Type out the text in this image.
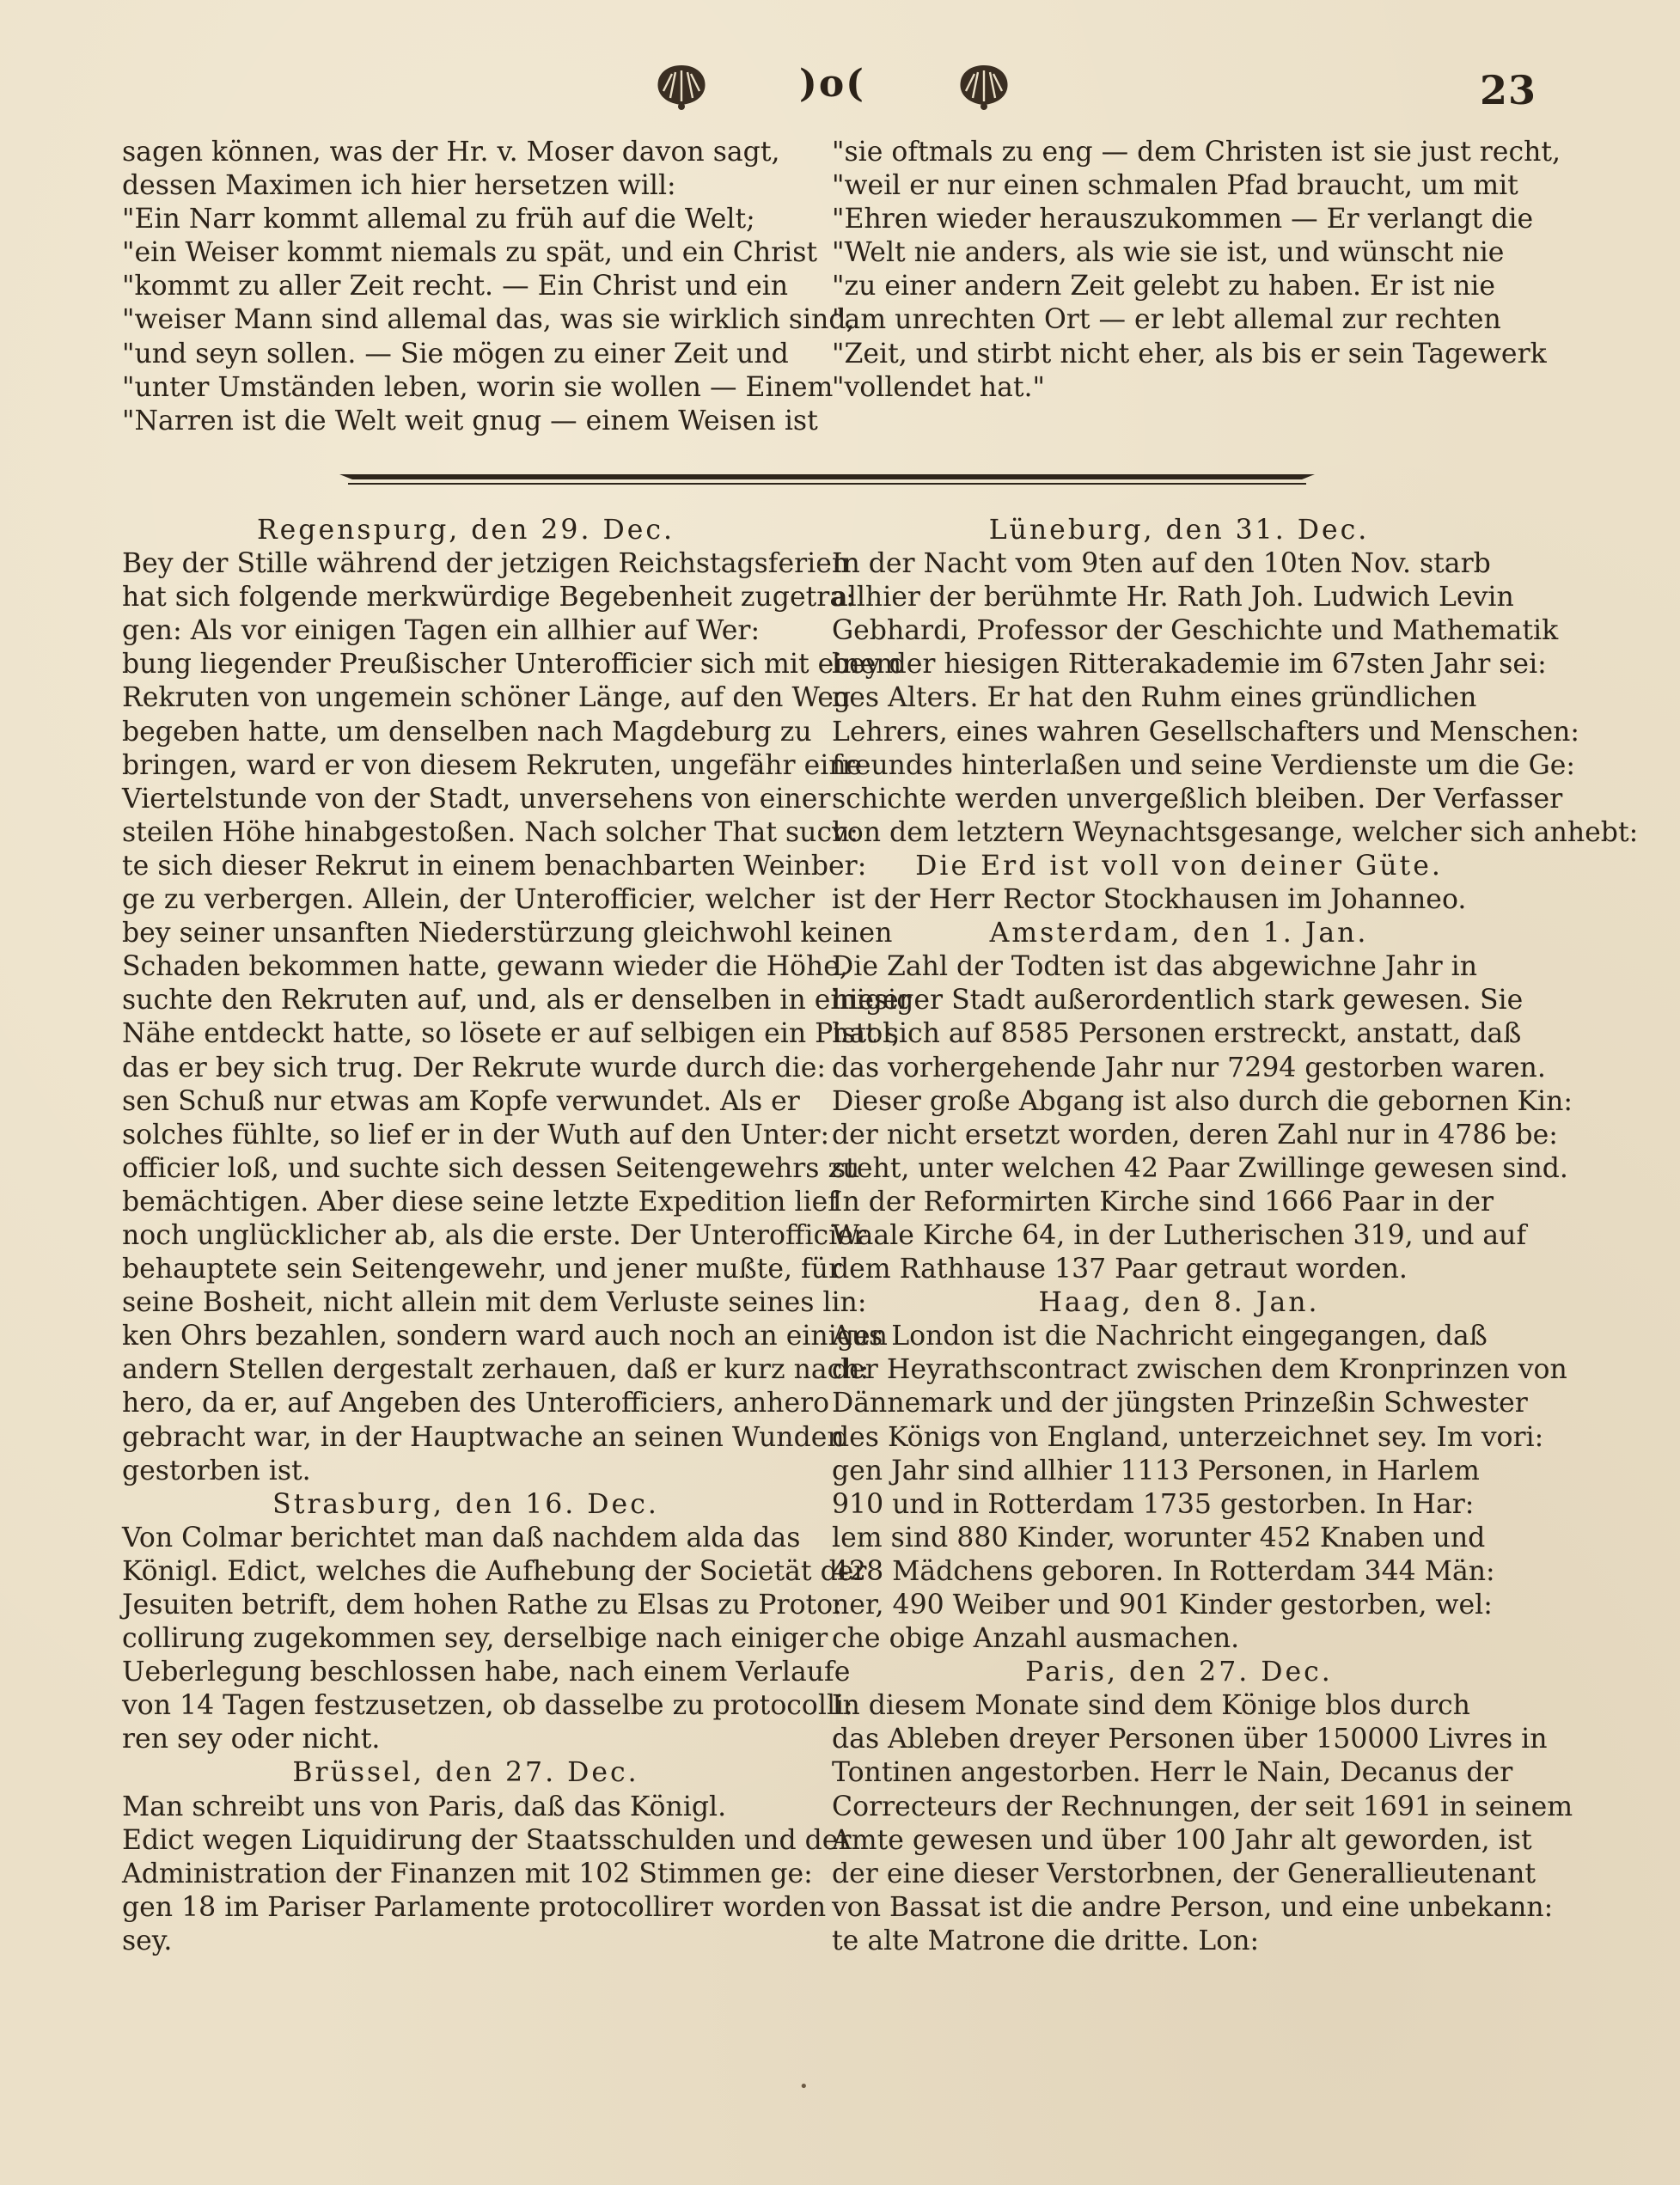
)o(	23
sagen können, was der Hr. v. Moser davon sagt,
dessen Maximen ich hier hersetzen will:
"Ein Narr kommt allemal zu früh auf die Welt;
"ein Weiser kommt niemals zu spät, und ein Christ
"kommt zu aller Zeit recht. — Ein Christ und ein
"weiser Mann sind allemal das, was sie wirklich sind,
"und seyn sollen. — Sie mögen zu einer Zeit und
"unter Umständen leben, worin sie wollen — Einem
"Narren ist die Welt weit gnug — einem Weisen ist
"sie oftmals zu eng — dem Christen ist sie just recht,
"weil er nur einen schmalen Pfad braucht, um mit
"Ehren wieder herauszukommen — Er verlangt die
"Welt nie anders, als wie sie ist, und wünscht nie
"zu einer andern Zeit gelebt zu haben. Er ist nie
"am unrechten Ort — er lebt allemal zur rechten
"Zeit, und stirbt nicht eher, als bis er sein Tagewerk
"vollendet hat."
Regenspurg, den 29. Dec.
Bey der Stille während der jetzigen Reichstagsferien
hat sich folgende merkwürdige Begebenheit zugetra:
gen: Als vor einigen Tagen ein allhier auf Wer:
bung liegender Preußischer Unterofficier sich mit einem
Rekruten von ungemein schöner Länge, auf den Weg
begeben hatte, um denselben nach Magdeburg zu
bringen, ward er von diesem Rekruten, ungefähr eine
Viertelstunde von der Stadt, unversehens von einer
steilen Höhe hinabgestoßen. Nach solcher That such:
te sich dieser Rekrut in einem benachbarten Weinber:
ge zu verbergen. Allein, der Unterofficier, welcher
bey seiner unsanften Niederstürzung gleichwohl keinen
Schaden bekommen hatte, gewann wieder die Höhe,
suchte den Rekruten auf, und, als er denselben in einiger
Nähe entdeckt hatte, so lösete er auf selbigen ein Pistol,
das er bey sich trug. Der Rekrute wurde durch die:
sen Schuß nur etwas am Kopfe verwundet. Als er
solches fühlte, so lief er in der Wuth auf den Unter:
officier loß, und suchte sich dessen Seitengewehrs zu
bemächtigen. Aber diese seine letzte Expedition lief
noch unglücklicher ab, als die erste. Der Unterofficier
behauptete sein Seitengewehr, und jener mußte, für
seine Bosheit, nicht allein mit dem Verluste seines lin:
ken Ohrs bezahlen, sondern ward auch noch an einigen
andern Stellen dergestalt zerhauen, daß er kurz nach:
hero, da er, auf Angeben des Unterofficiers, anhero
gebracht war, in der Hauptwache an seinen Wunden
gestorben ist.
Strasburg, den 16. Dec.
Von Colmar berichtet man daß nachdem alda das
Königl. Edict, welches die Aufhebung der Societät der
Jesuiten betrift, dem hohen Rathe zu Elsas zu Proto:
collirung zugekommen sey, derselbige nach einiger
Ueberlegung beschlossen habe, nach einem Verlaufe
von 14 Tagen festzusetzen, ob dasselbe zu protocolli:
ren sey oder nicht.
Brüssel, den 27. Dec.
Man schreibt uns von Paris, daß das Königl.
Edict wegen Liquidirung der Staatsschulden und der
Administration der Finanzen mit 102 Stimmen ge:
gen 18 im Pariser Parlamente protocollirет worden
sey.
Lüneburg, den 31. Dec.
In der Nacht vom 9ten auf den 10ten Nov. starb
allhier der berühmte Hr. Rath Joh. Ludwich Levin
Gebhardi, Professor der Geschichte und Mathematik
bey der hiesigen Ritterakademie im 67sten Jahr sei:
nes Alters. Er hat den Ruhm eines gründlichen
Lehrers, eines wahren Gesellschafters und Menschen:
freundes hinterlaßen und seine Verdienste um die Ge:
schichte werden unvergeßlich bleiben. Der Verfasser
von dem letztern Weynachtsgesange, welcher sich anhebt:
Die Erd ist voll von deiner Güte.
ist der Herr Rector Stockhausen im Johanneo.
Amsterdam, den 1. Jan.
Die Zahl der Todten ist das abgewichne Jahr in
hiesiger Stadt außerordentlich stark gewesen. Sie
hat sich auf 8585 Personen erstreckt, anstatt, daß
das vorhergehende Jahr nur 7294 gestorben waren.
Dieser große Abgang ist also durch die gebornen Kin:
der nicht ersetzt worden, deren Zahl nur in 4786 be:
steht, unter welchen 42 Paar Zwillinge gewesen sind.
In der Reformirten Kirche sind 1666 Paar in der
Waale Kirche 64, in der Lutherischen 319, und auf
dem Rathhause 137 Paar getraut worden.
Haag, den 8. Jan.
Aus London ist die Nachricht eingegangen, daß
der Heyrathscontract zwischen dem Kronprinzen von
Dännemark und der jüngsten Prinzeßin Schwester
des Königs von England, unterzeichnet sey. Im vori:
gen Jahr sind allhier 1113 Personen, in Harlem
910 und in Rotterdam 1735 gestorben. In Har:
lem sind 880 Kinder, worunter 452 Knaben und
428 Mädchens geboren. In Rotterdam 344 Män:
ner, 490 Weiber und 901 Kinder gestorben, wel:
che obige Anzahl ausmachen.
Paris, den 27. Dec.
In diesem Monate sind dem Könige blos durch
das Ableben dreyer Personen über 150000 Livres in
Tontinen angestorben. Herr le Nain, Decanus der
Correcteurs der Rechnungen, der seit 1691 in seinem
Amte gewesen und über 100 Jahr alt geworden, ist
der eine dieser Verstorbnen, der Generallieutenant
von Bassat ist die andre Person, und eine unbekann:
te alte Matrone die dritte. Lon:
•
